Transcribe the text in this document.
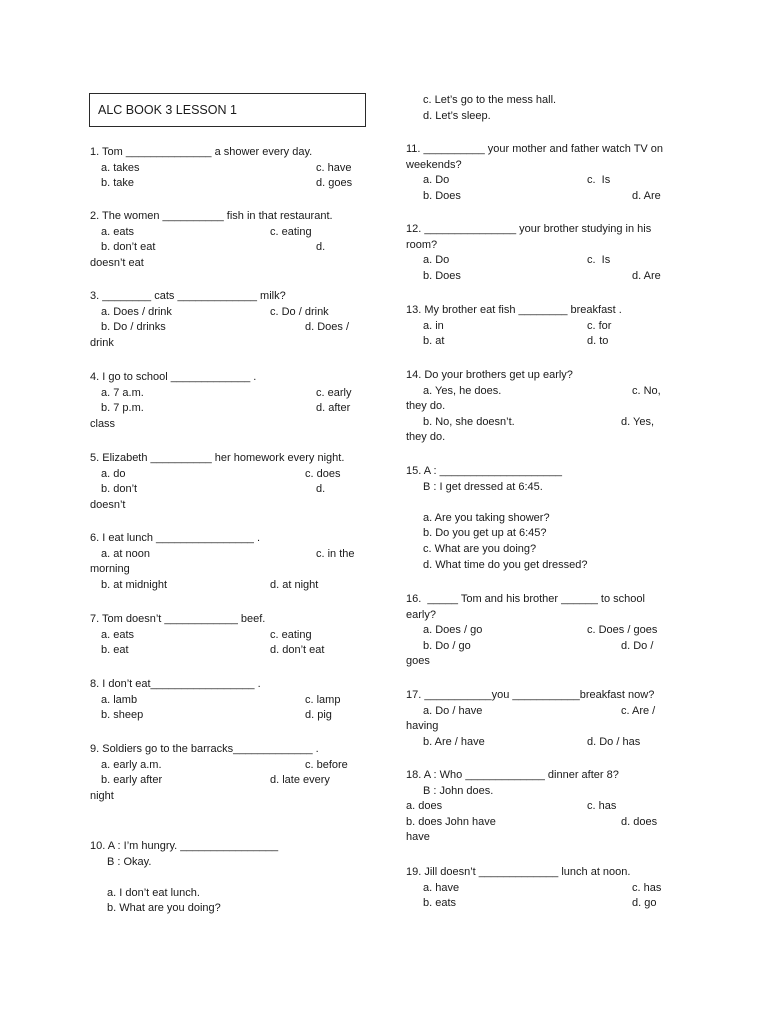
ALC BOOK 3 LESSON 1
1. Tom ______________ a shower every day.
a. takes	c. have
b. take	d. goes
2. The women __________ fish in that restaurant.
a. eats	c. eating
b. don’t eat	d.
doesn’t eat
3. ________ cats _____________ milk?
a. Does / drink	c. Do / drink
b. Do / drinks	d. Does /
drink
4. I go to school _____________ .
a. 7 a.m.	c. early
b. 7 p.m.	d. after
class
5. Elizabeth __________ her homework every night.
a. do	c. does
b. don’t	d.
doesn’t
6. I eat lunch ________________ .
a. at noon	c. in the
morning
b. at midnight	d. at night
7. Tom doesn’t ____________ beef.
a. eats	c. eating
b. eat	d. don’t eat
8. I don’t eat_________________ .
a. lamb	c. lamp
b. sheep	d. pig
9. Soldiers go to the barracks_____________ .
a. early a.m.	c. before
b. early after	d. late every
night
10. A : I’m hungry. ________________
B : Okay.
a. I don’t eat lunch.
b. What are you doing?
c. Let’s go to the mess hall.
d. Let’s sleep.
11. __________ your mother and father watch TV on
weekends?
a. Do	c.  Is
b. Does	d. Are
12. _______________ your brother studying in his
room?
a. Do	c.  Is
b. Does	d. Are
13. My brother eat fish ________ breakfast .
a. in	c. for
b. at	d. to
14. Do your brothers get up early?
a. Yes, he does.	c. No,
they do.
b. No, she doesn’t.	d. Yes,
they do.
15. A : ____________________
B : I get dressed at 6:45.
a. Are you taking shower?
b. Do you get up at 6:45?
c. What are you doing?
d. What time do you get dressed?
16.  _____ Tom and his brother ______ to school
early?
a. Does / go	c. Does / goes
b. Do / go	d. Do /
goes
17. ___________you ___________breakfast now?
a. Do / have	c. Are /
having
b. Are / have	d. Do / has
18. A : Who _____________ dinner after 8?
B : John does.
a. does	c. has
b. does John have	d. does
have
19. Jill doesn’t _____________ lunch at noon.
a. have	c. has
b. eats	d. go
